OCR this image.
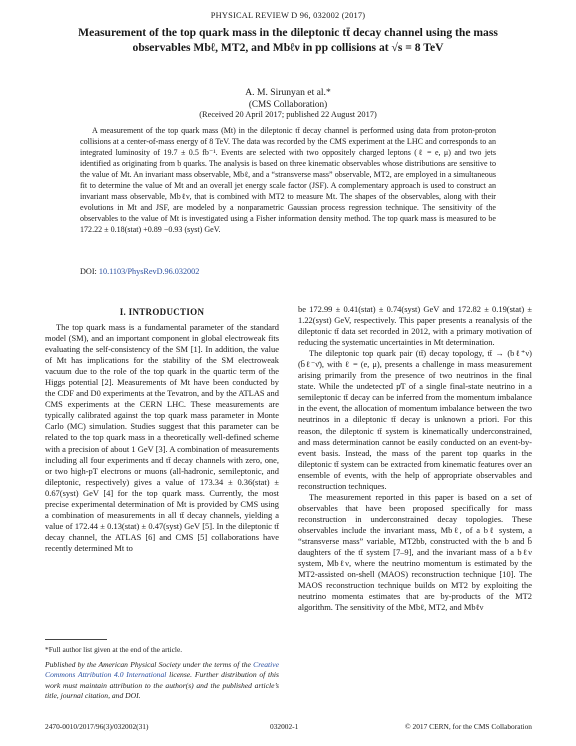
PHYSICAL REVIEW D 96, 032002 (2017)
Measurement of the top quark mass in the dileptonic tt̄ decay channel using the mass observables Mbℓ, MT2, and Mbℓν in pp collisions at √s = 8 TeV
A. M. Sirunyan et al.*
(CMS Collaboration)
(Received 20 April 2017; published 22 August 2017)

A measurement of the top quark mass (Mt) in the dileptonic tt̄ decay channel is performed using data from proton-proton collisions at a center-of-mass energy of 8 TeV. The data was recorded by the CMS experiment at the LHC and corresponds to an integrated luminosity of 19.7 ± 0.5 fb⁻¹. Events are selected with two oppositely charged leptons (ℓ = e, μ) and two jets identified as originating from b quarks. The analysis is based on three kinematic observables whose distributions are sensitive to the value of Mt. An invariant mass observable, Mbℓ, and a “stransverse mass” observable, MT2, are employed in a simultaneous fit to determine the value of Mt and an overall jet energy scale factor (JSF). A complementary approach is used to construct an invariant mass observable, Mbℓν, that is combined with MT2 to measure Mt. The shapes of the observables, along with their evolutions in Mt and JSF, are modeled by a nonparametric Gaussian process regression technique. The sensitivity of the observables to the value of Mt is investigated using a Fisher information density method. The top quark mass is measured to be 172.22 ± 0.18(stat) +0.89 −0.93 (syst) GeV.

DOI: 10.1103/PhysRevD.96.032002
I. INTRODUCTION

The top quark mass is a fundamental parameter of the standard model (SM), and an important component in global electroweak fits evaluating the self-consistency of the SM [1]. In addition, the value of Mt has implications for the stability of the SM electroweak vacuum due to the role of the top quark in the quartic term of the Higgs potential [2]. Measurements of Mt have been conducted by the CDF and D0 experiments at the Tevatron, and by the ATLAS and CMS experiments at the CERN LHC. These measurements are typically calibrated against the top quark mass parameter in Monte Carlo (MC) simulation. Studies suggest that this parameter can be related to the top quark mass in a theoretically well-defined scheme with a precision of about 1 GeV [3]. A combination of measurements including all four experiments and tt̄ decay channels with zero, one, or two high-pT electrons or muons (all-hadronic, semileptonic, and dileptonic, respectively) gives a value of 173.34 ± 0.36(stat) ± 0.67(syst) GeV [4] for the top quark mass. Currently, the most precise experimental determination of Mt is provided by CMS using a combination of measurements in all tt̄ decay channels, yielding a value of 172.44 ± 0.13(stat) ± 0.47(syst) GeV [5]. In the dileptonic tt̄ decay channel, the ATLAS [6] and CMS [5] collaborations have recently determined Mt to

be 172.99 ± 0.41(stat) ± 0.74(syst) GeV and 172.82 ± 0.19(stat) ± 1.22(syst) GeV, respectively. This paper presents a reanalysis of the dileptonic tt̄ data set recorded in 2012, with a primary motivation of reducing the systematic uncertainties in Mt determination.

The dileptonic top quark pair (tt̄) decay topology, tt̄ → (bℓ⁺ν)(b̄ℓ⁻ν̄), with ℓ = (e, μ), presents a challenge in mass measurement arising primarily from the presence of two neutrinos in the final state. While the undetected p̸T of a single final-state neutrino in a semileptonic tt̄ decay can be inferred from the momentum imbalance in the event, the allocation of momentum imbalance between the two neutrinos in a dileptonic tt̄ decay is unknown a priori. For this reason, the dileptonic tt̄ system is kinematically underconstrained, and mass determination cannot be easily conducted on an event-by-event basis. Instead, the mass of the parent top quarks in the dileptonic tt̄ system can be extracted from kinematic features over an ensemble of events, with the help of appropriate observables and reconstruction techniques.

The measurement reported in this paper is based on a set of observables that have been proposed specifically for mass reconstruction in underconstrained decay topologies. These observables include the invariant mass, Mbℓ, of a bℓ system, a “stransverse mass” variable, MT2bb, constructed with the b and b̄ daughters of the tt̄ system [7–9], and the invariant mass of a bℓν system, Mbℓν, where the neutrino momentum is estimated by the MT2-assisted on-shell (MAOS) reconstruction technique [10]. The MAOS reconstruction technique builds on MT2 by exploiting the neutrino momenta estimates that are by-products of the MT2 algorithm. The sensitivity of the Mbℓ, MT2, and Mbℓν

*Full author list given at the end of the article.
Published by the American Physical Society under the terms of the Creative Commons Attribution 4.0 International license. Further distribution of this work must maintain attribution to the author(s) and the published article’s title, journal citation, and DOI.
2470-0010/2017/96(3)/032002(31)	032002-1	© 2017 CERN, for the CMS Collaboration
